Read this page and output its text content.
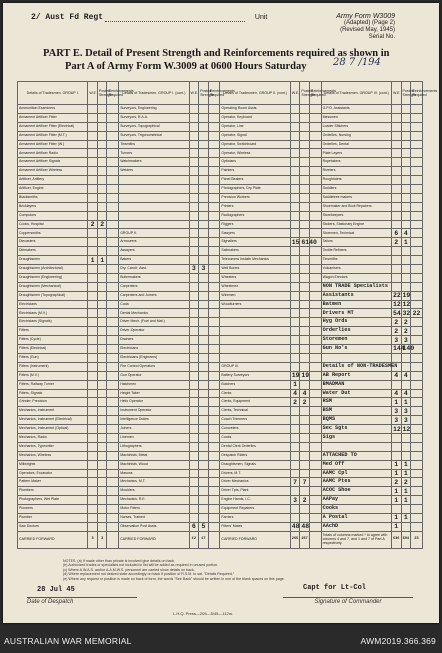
2/ Aust Fd Regt	Unit	Army Form W3009
(Adapted) (Page 2)
(Revised May, 1945)
Serial No.
PART E. Detail of Present Strength and Reinforcements required as shown in
Part A of Army Form W.3009 at 0600 Hours Saturday	28 7 /194
Details of Tradesmen. GROUP I.	W.E.	Posted Strength	Reinforcements Required	Details of Tradesmen. GROUP I. (cont.)	W.E.	Posted Strength	Reinforcements Required	Details of Tradesmen. GROUP II. (cont.)	W.E.	Posted Strength	Reinforcements Required	Details of Tradesmen. GROUP III. (cont.)	W.E.	Posted Strength	Reinforcements Required
Ammunition Examiners				Surveyors, Engineering				Operating Room Assts.				G.P.O. Assistants			
Armament Artificer Fitter				Surveyors, R.A.A.				Operator, Keyboard				Messmen			
Armament Artificer Fitter (Electrical)				Surveyors, Topographical				Operator, Line				Loader Stitchers			
Armament Artificer Fitter (M.T.)				Surveyors, Trigonometrical				Operator, Signal				Orderlies, Nursing			
Armament Artificer Fitter (W.)				Tinsmiths				Operator, Switchboard				Orderlies, Dental			
Armament Artificer Radio				Turners				Operator, Wireless				Plate Layers			
Armament Artificer Signals				Watchmakers				Opticians				Ropetakers			
Armament Artificer Wireless				Welders				Painters				Riveters			
Artificer, Artillery								Panel Beaters				Roughriders			
Artificer, Engine								Photographers, Dry Plate				Saddlers			
Blacksmiths								Precision Workers				Saddletree makers			
Bricklayers								Printers				Shoemaker and Boot Repairers			
Computors								Radiographers				Storekeepers			
Cooks, Hospital	2	2						Riggers				Stokers, Stationary Engine			
Coppersmiths				GROUP II.				Sawyers				Storemen, Technical	6	4	
Diecasters				Armourers				Signallers	15	6140		Tailors	2	1	
Diemakers				Assayers				Sailmakers				Textile Refiners			
Draughtsmen	1	1		Bakers				Telecomms Installn Mechanics				Tinsmiths			
Draughtsmen (Architectural)				Dry. Cand'r, Asst.	3	3		Well Borers				Vulcanisers			
Draughtsmen (Engineering)				Boilermakers				Wheelers				Wagon Erectors			
Draughtsmen (Mechanical)				Carpenters				Wheelmen				NON TRADE Specialists			
Draughtsmen (Topographical)				Carpenters and Joiners				Wiremen				Assistants	22	19	
Electricians				Coda				Woodturners				Batmen	12	12	
Electricians (M.V.)				Dental Mechanics								Drivers MT	54	32	22
Electricians (Signals)				Driver Mech. (Fuel and Mat.)								Hyg Ords	2	2	
Fitters				Driver-Operator								Orderlies	2	2	
Fitters (Cycle)				Drainers								Storemen	3	3	
Fitters (Electrical)				Electricians								Gun No's	144	140	
Fitters (Gun)				Electricians (Engineers)											
Fitters (Instrument)				Fire Control Operators				GROUP III.				Details of NON-TRADESMEN			
Fitters (M.V.)				Gun Operator				Battery Surveyors	19	19		AB Report	4	4	
Fitters, Railway Turner				Hatchmen				Butchers	1			BMADMAN			
Fitters, Signals				Height Taker				Clerks	4	4		Water Dut	4	4	
Grinder, Precision				Helio Operator				Clerks, Equipment	2	2		RSM	1	1	
Mechanics, Instrument				Instrument Operator				Clerks, Technical				BSM	3	3	
Mechanics, Instrument (Electrical)				Intelligence Duties				Coach Trimmers				BQMS	3	3	
Mechanics, Instrument (Optical)				Joiners				Concreters				Sec Sgts	12	12	
Mechanics, Radio				Linemen				Cooks				Sigs			
Mechanics, Typewriter				Lithographers				Dental Clerk Orderlies							
Mechanics, Wireless				Machinists, Metal				Despatch Riders				ATTACHED TO			
Millwrights				Machinists, Wood				Draughtsmen, Signals				Med Off	1	1	
Operators, Excavator				Masons				Drivers, M.T.				AAMC Cpl	1	1	
Pattern Maker				Mechanics, M.T.				Driver Mechanics	7	7		AAMC Ptes	2	2	
Plumbers				Moulders				Driver Tpts, Plant				ACOC Shoe	1	1	
Photographers, Wet Plate				Mechanics, R.E.				Engine Hands, I.C.	3	2		AAPay	1	1	
Pioneers				Motor Fitters				Equipment Repairers				Cooks			
Plumber				Nurses, Trained				Farriers				A Postal	1	1	
Saw Doctors				Observation Post Assts.	6	5		Fitters' Mates	48	48		AAchD	1		
CARRIED FORWARD	3	3		CARRIED FORWARD	12	17		CARRIED FORWARD	265	257		Totals of columns marked * to agree with columns 4 and 7, and 1 and 7 of Part A respectively.	636	594	23
NOTES. (a) If made other than private is involved give details on back.
(b) Authorized trades or specialists not included in list will be added as required in unused portion.
(c) Where A.W.A.S. and/or A.A.M.W.S. personnel are carried show details on back.
(d) Where replacement not desired state accordingly on back if position of R.S.M. to sat. "Details Required."
(e) Where any request or position is made on back of form, the words "See Back" should be written in one of the blank spaces on this page.
28 Jul 45	Capt for Lt-Col
Date of Despatch	Signature of Commander
L.H.Q. Press—205—5/45—112m.
AUSTRALIAN WAR MEMORIAL	AWM2019.366.369
